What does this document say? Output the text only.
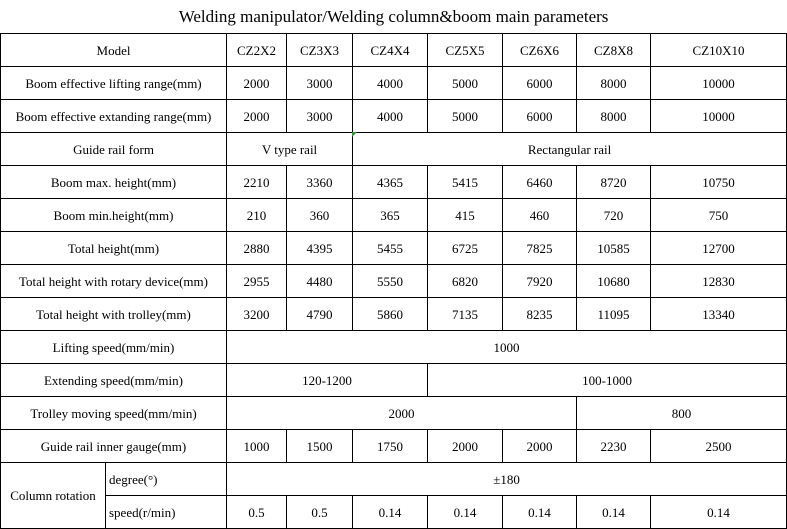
Welding manipulator/Welding column&boom main parameters								
Model		CZ2X2	CZ3X3	CZ4X4	CZ5X5	CZ6X6	CZ8X8	CZ10X10
Boom effective lifting range(mm)		2000	3000	4000	5000	6000	8000	10000
Boom effective extanding range(mm)		2000	3000	4000	5000	6000	8000	10000
Guide rail form		V type rail		Rectangular rail				
Boom max. height(mm)		2210	3360	4365	5415	6460	8720	10750
Boom min.height(mm)		210	360	365	415	460	720	750
Total height(mm)		2880	4395	5455	6725	7825	10585	12700
Total height with rotary device(mm)		2955	4480	5550	6820	7920	10680	12830
Total height with trolley(mm)		3200	4790	5860	7135	8235	11095	13340
Lifting speed(mm/min)		1000						
Extending speed(mm/min)		120-1200			100-1000			
Trolley moving speed(mm/min)		2000					800	
Guide rail inner gauge(mm)		1000	1500	1750	2000	2000	2230	2500
Column rotation	degree(°)	±180						
	speed(r/min)	0.5	0.5	0.14	0.14	0.14	0.14	0.14
